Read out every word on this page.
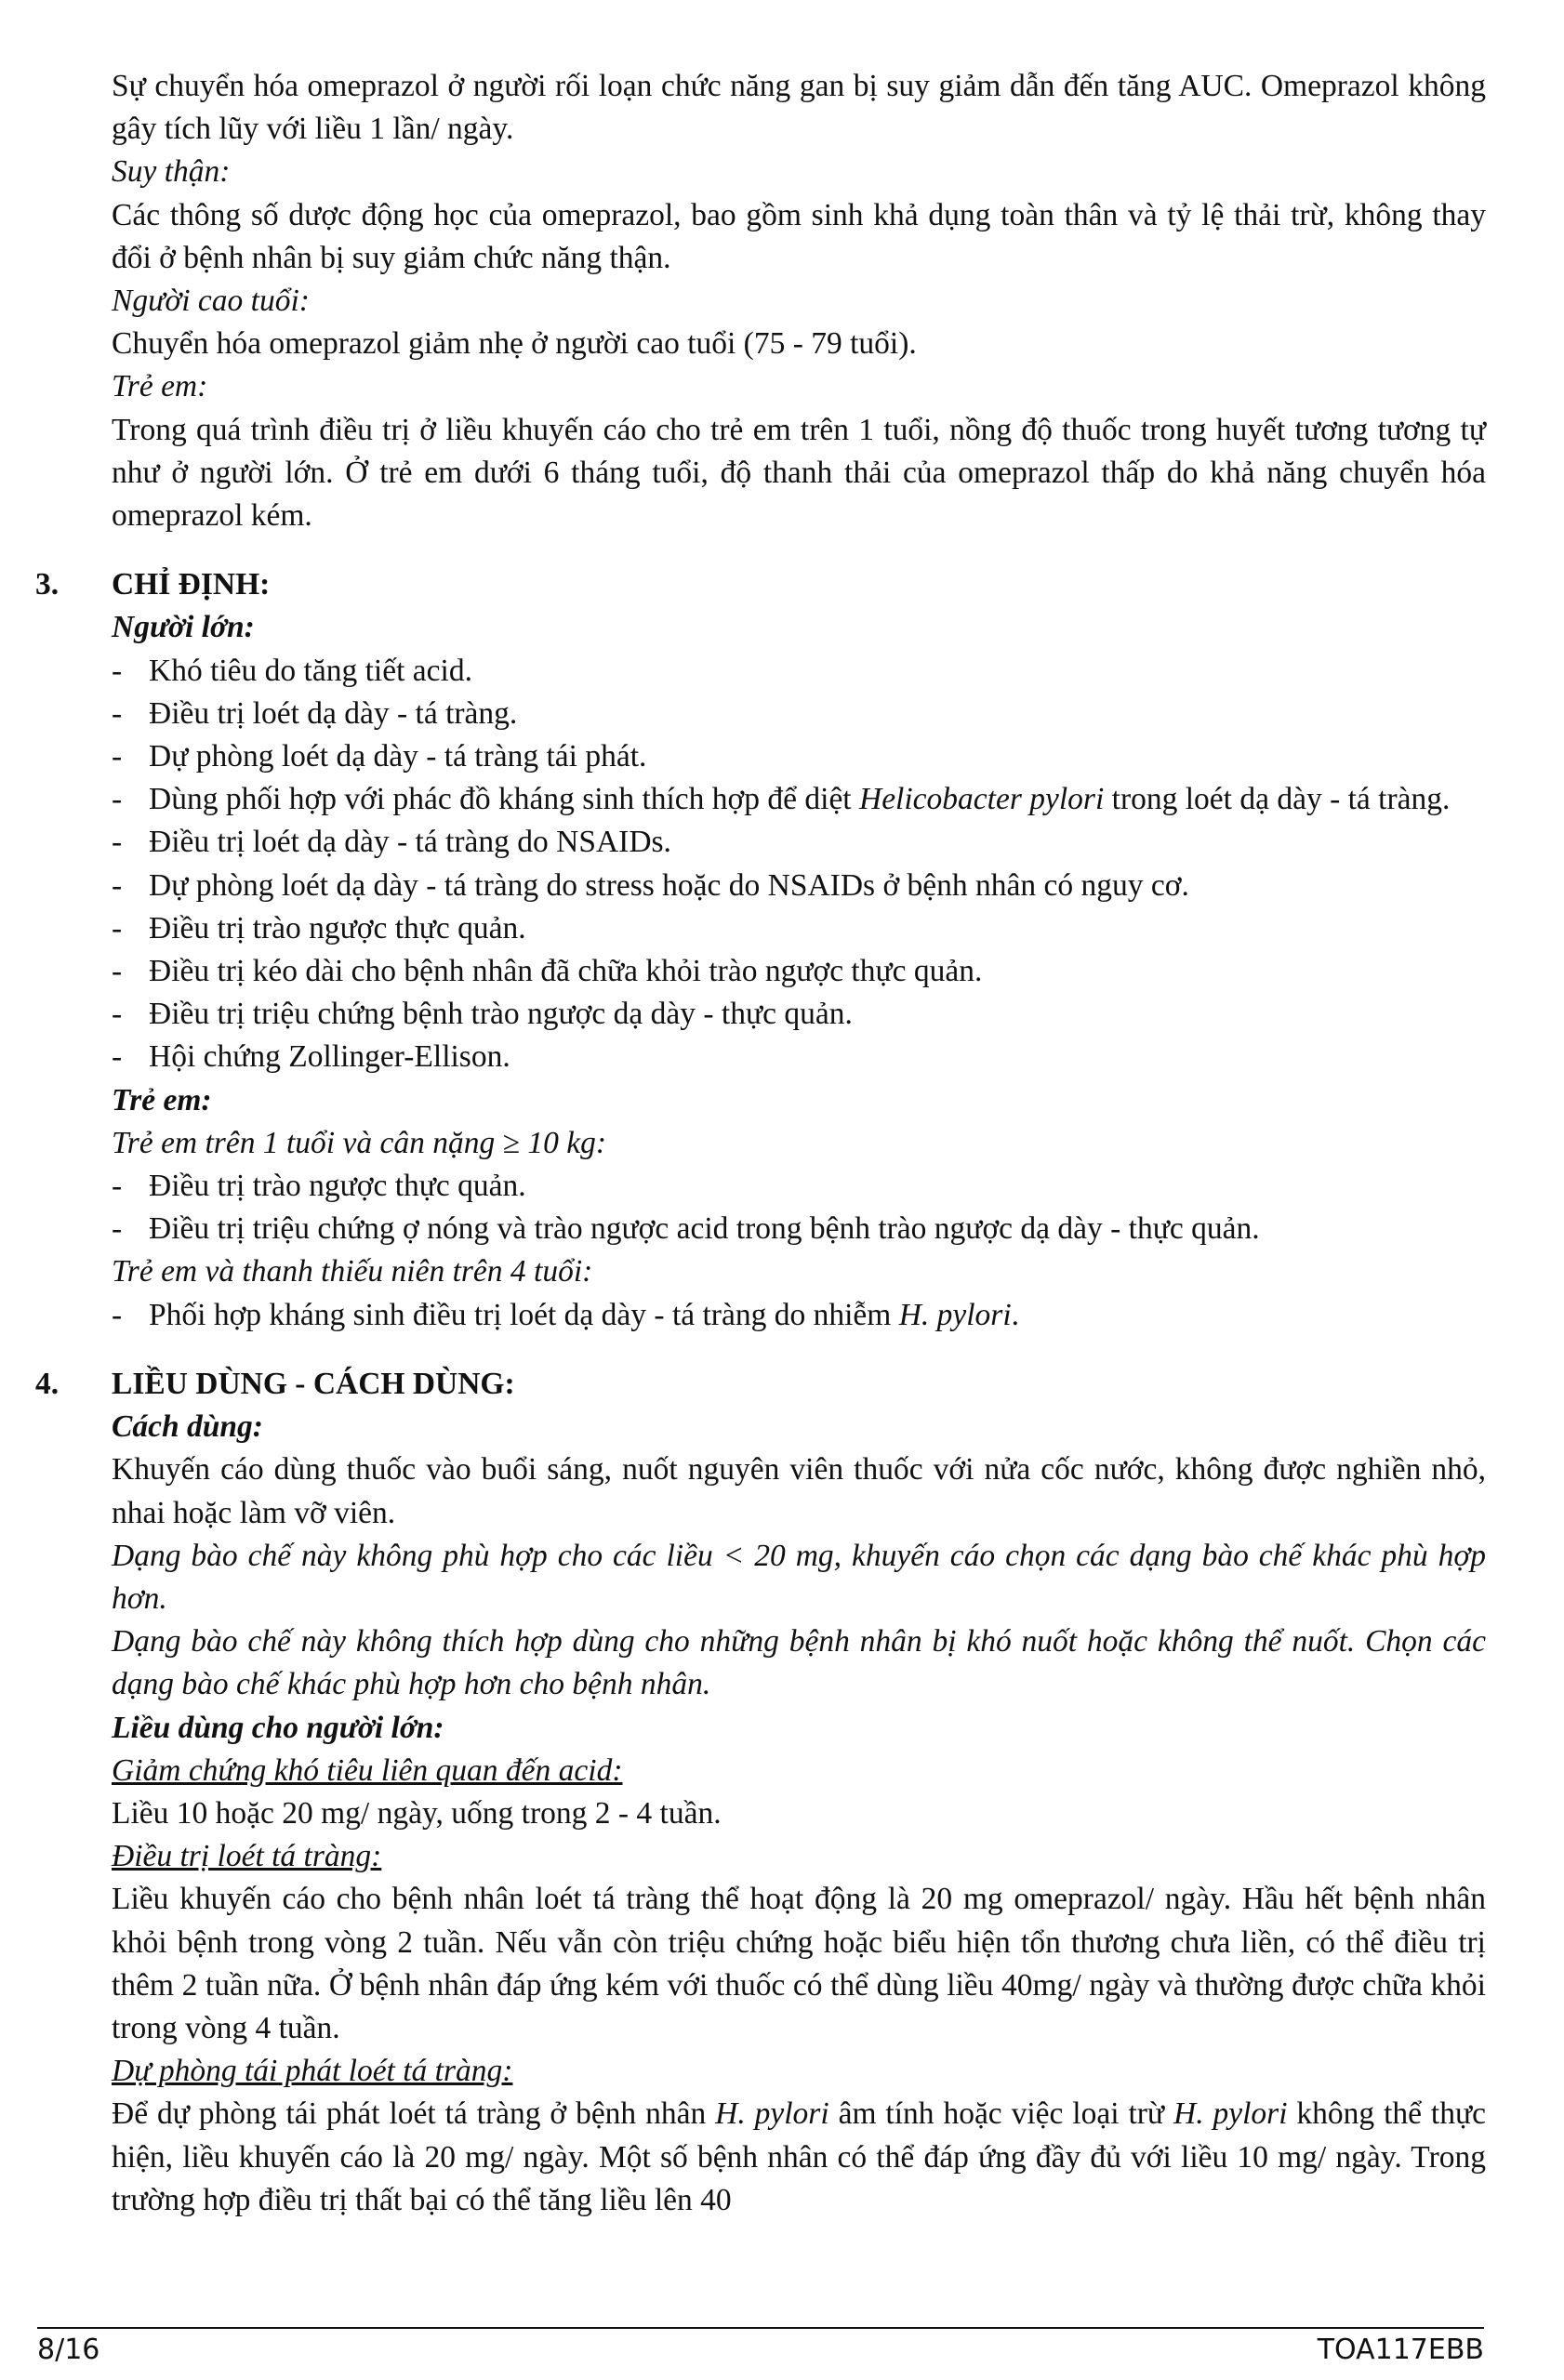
Sự chuyển hóa omeprazol ở người rối loạn chức năng gan bị suy giảm dẫn đến tăng AUC. Omeprazol không gây tích lũy với liều 1 lần/ ngày.

Suy thận:

Các thông số dược động học của omeprazol, bao gồm sinh khả dụng toàn thân và tỷ lệ thải trừ, không thay đổi ở bệnh nhân bị suy giảm chức năng thận.

Người cao tuổi:

Chuyển hóa omeprazol giảm nhẹ ở người cao tuổi (75 - 79 tuổi).

Trẻ em:

Trong quá trình điều trị ở liều khuyến cáo cho trẻ em trên 1 tuổi, nồng độ thuốc trong huyết tương tương tự như ở người lớn. Ở trẻ em dưới 6 tháng tuổi, độ thanh thải của omeprazol thấp do khả năng chuyển hóa omeprazol kém.

3. CHỈ ĐỊNH:

Người lớn:

- Khó tiêu do tăng tiết acid.

- Điều trị loét dạ dày - tá tràng.

- Dự phòng loét dạ dày - tá tràng tái phát.

- Dùng phối hợp với phác đồ kháng sinh thích hợp để diệt Helicobacter pylori trong loét dạ dày - tá tràng.

- Điều trị loét dạ dày - tá tràng do NSAIDs.

- Dự phòng loét dạ dày - tá tràng do stress hoặc do NSAIDs ở bệnh nhân có nguy cơ.

- Điều trị trào ngược thực quản.

- Điều trị kéo dài cho bệnh nhân đã chữa khỏi trào ngược thực quản.

- Điều trị triệu chứng bệnh trào ngược dạ dày - thực quản.

- Hội chứng Zollinger-Ellison.

Trẻ em:

Trẻ em trên 1 tuổi và cân nặng ≥ 10 kg:

- Điều trị trào ngược thực quản.

- Điều trị triệu chứng ợ nóng và trào ngược acid trong bệnh trào ngược dạ dày - thực quản.

Trẻ em và thanh thiếu niên trên 4 tuổi:

- Phối hợp kháng sinh điều trị loét dạ dày - tá tràng do nhiễm H. pylori.

4. LIỀU DÙNG - CÁCH DÙNG:

Cách dùng:

Khuyến cáo dùng thuốc vào buổi sáng, nuốt nguyên viên thuốc với nửa cốc nước, không được nghiền nhỏ, nhai hoặc làm vỡ viên.

Dạng bào chế này không phù hợp cho các liều < 20 mg, khuyến cáo chọn các dạng bào chế khác phù hợp hơn.

Dạng bào chế này không thích hợp dùng cho những bệnh nhân bị khó nuốt hoặc không thể nuốt. Chọn các dạng bào chế khác phù hợp hơn cho bệnh nhân.

Liều dùng cho người lớn:

Giảm chứng khó tiêu liên quan đến acid:

Liều 10 hoặc 20 mg/ ngày, uống trong 2 - 4 tuần.

Điều trị loét tá tràng:

Liều khuyến cáo cho bệnh nhân loét tá tràng thể hoạt động là 20 mg omeprazol/ ngày. Hầu hết bệnh nhân khỏi bệnh trong vòng 2 tuần. Nếu vẫn còn triệu chứng hoặc biểu hiện tổn thương chưa liền, có thể điều trị thêm 2 tuần nữa. Ở bệnh nhân đáp ứng kém với thuốc có thể dùng liều 40mg/ ngày và thường được chữa khỏi trong vòng 4 tuần.

Dự phòng tái phát loét tá tràng:

Để dự phòng tái phát loét tá tràng ở bệnh nhân H. pylori âm tính hoặc việc loại trừ H. pylori không thể thực hiện, liều khuyến cáo là 20 mg/ ngày. Một số bệnh nhân có thể đáp ứng đầy đủ với liều 10 mg/ ngày. Trong trường hợp điều trị thất bại có thể tăng liều lên 40

8/16	TOA117EBB
